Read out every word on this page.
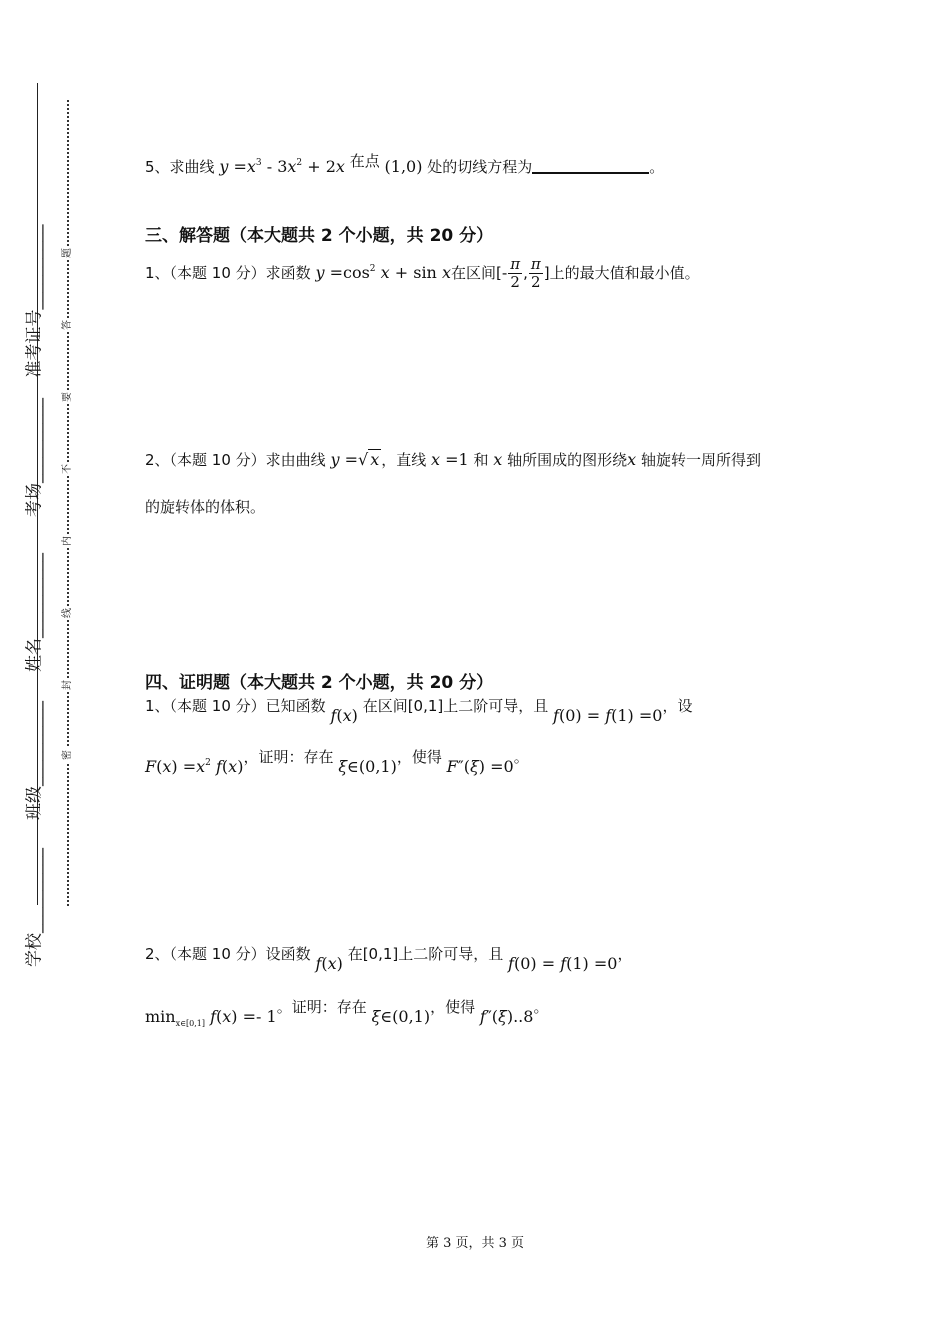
准考证号__________
考场__________
姓名__________
班级__________
学校__________
题
答
要
不
内
线
封
密
5、求曲线 $y =x^3 - 3x^2 + 2x$ 在点 (1,0) 处的切线方程为	。
三、解答题（本大题共 2 个小题，共 20 分）
1、（本题 10 分）求函数 $y =\cos^2$ x + sin x在区间[- $\frac{\pi}{2}$ , $\frac{\pi}{2}$ ]上的最大值和最小值。
2、（本题 10 分）求由曲线 y =√ x ，直线 x =1 和 x 轴所围成的图形绕x 轴旋转一周所得到
的旋转体的体积。
四、证明题（本大题共 2 个小题，共 20 分）
1、（本题 10 分）已知函数 f(x) 在区间[0,1]上二阶可导，且 f(0) = f(1) =0，设
$F(x) =x^2$ f(x)，证明：存在 ξ∈(0,1)，使得 F″(ξ) =0。
2、（本题 10 分）设函数 f(x) 在[0,1]上二阶可导，且 f(0) = f(1) =0，
$\min_{x\in[0,1]} f(x) =- 1$。证明：存在 ξ∈(0,1)，使得 f″(ξ)..8。
第 3 页，共 3 页
